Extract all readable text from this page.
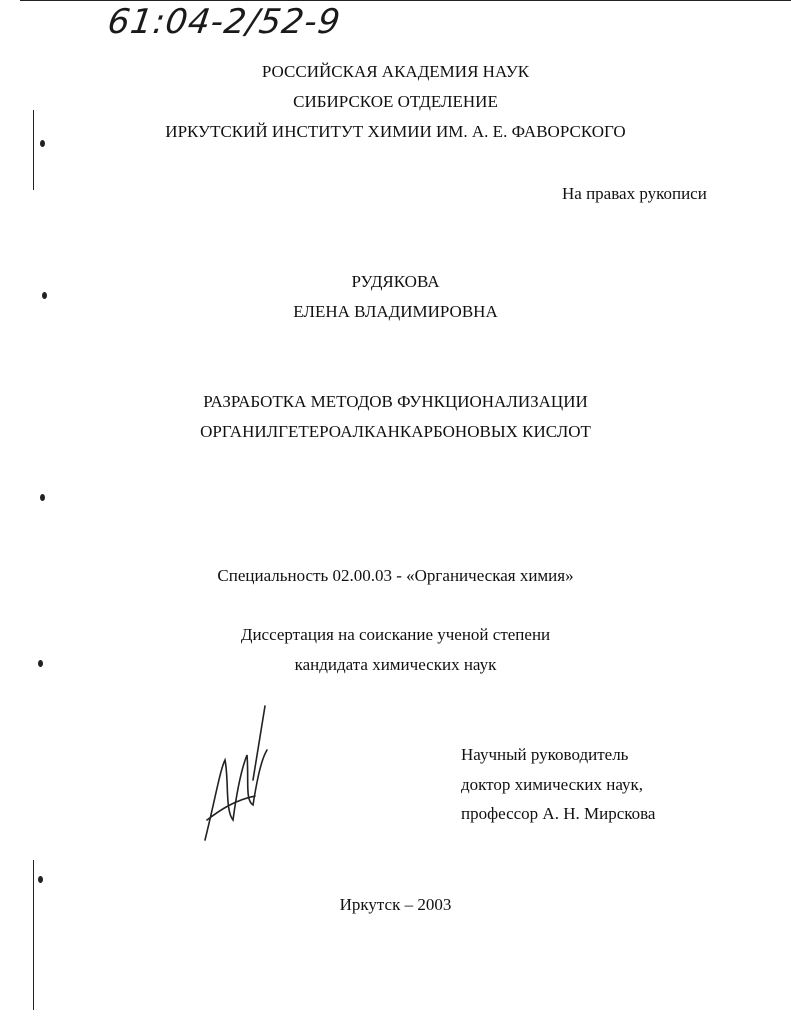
61:04-2/52-9
РОССИЙСКАЯ АКАДЕМИЯ НАУК
СИБИРСКОЕ ОТДЕЛЕНИЕ
ИРКУТСКИЙ ИНСТИТУТ ХИМИИ ИМ. А. Е. ФАВОРСКОГО
На правах рукописи
РУДЯКОВА
ЕЛЕНА ВЛАДИМИРОВНА
РАЗРАБОТКА МЕТОДОВ ФУНКЦИОНАЛИЗАЦИИ
ОРГАНИЛГЕТЕРОАЛКАНКАРБОНОВЫХ КИСЛОТ
Специальность 02.00.03 - «Органическая химия»
Диссертация на соискание ученой степени
кандидата химических наук
Научный руководитель
доктор химических наук,
профессор А. Н. Мирскова
Иркутск – 2003
